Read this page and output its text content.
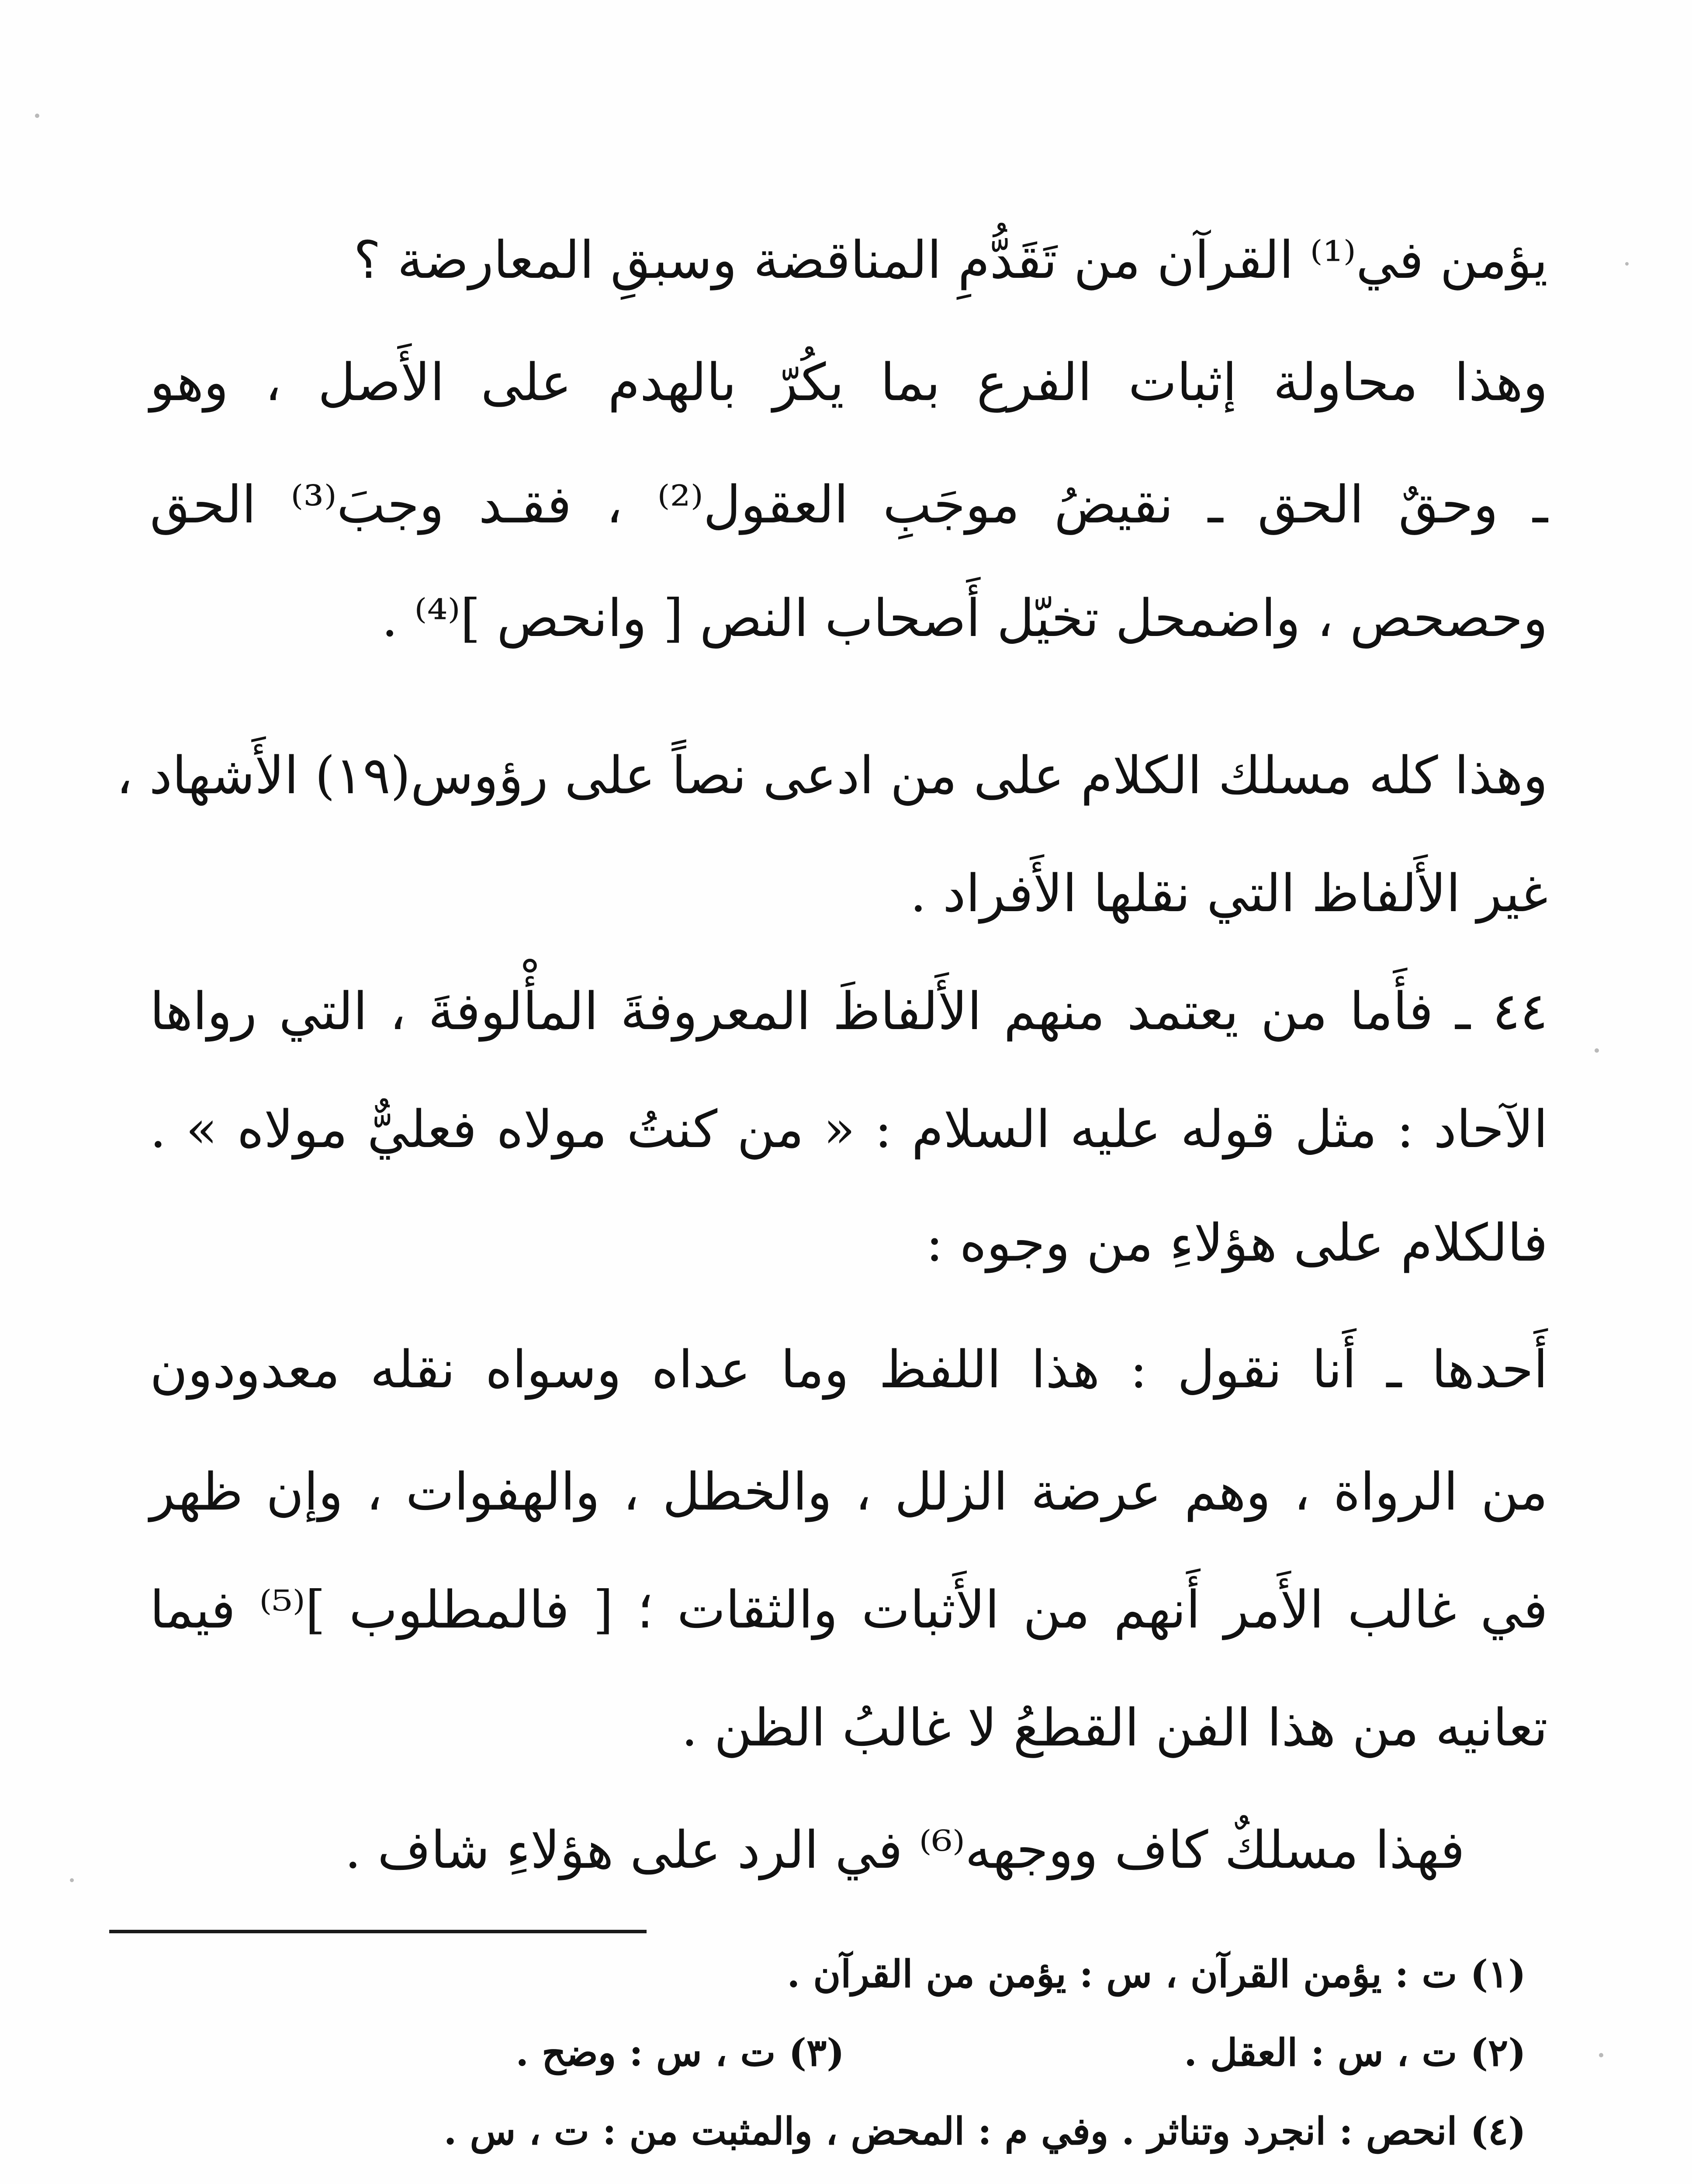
يؤمن في⁽¹⁾ القرآن من تَقَدُّمِ المناقضة وسبقِ المعارضة ؟
وهذا محاولة إثبات الفرع بما يكُرّ بالهدم على الأَصل ، وهو
ـ وحقٌ الحق ـ نقيضُ موجَبِ العقول⁽²⁾ ، فقـد وجبَ⁽³⁾ الحق
وحصحص ، واضمحل تخيّل أَصحاب النص [ وانحص ]⁽⁴⁾ .
وهذا كله مسلك الكلام على من ادعى نصاً على رؤوس(١٩) الأَشهاد ،
غير الأَلفاظ التي نقلها الأَفراد .
٤٤ ـ فأَما من يعتمد منهم الأَلفاظَ المعروفةَ المأْلوفةَ ، التي رواها
الآحاد : مثل قوله عليه السلام : « من كنتُ مولاه فعليٌّ مولاه » .
فالكلام على هؤلاءِ من وجوه :
أَحدها ـ أَنا نقول : هذا اللفظ وما عداه وسواه نقله معدودون
من الرواة ، وهم عرضة الزلل ، والخطل ، والهفوات ، وإن ظهر
في غالب الأَمر أَنهم من الأَثبات والثقات ؛ [ فالمطلوب ]⁽⁵⁾ فيما
تعانيه من هذا الفن القطعُ لا غالبُ الظن .
فهذا مسلكٌ كاف ووجهه⁽⁶⁾ في الرد على هؤلاءِ شاف .
(١) ت : يؤمن القرآن ، س : يؤمن من القرآن .
(٢) ت ، س : العقل .
(٣) ت ، س : وضح .
(٤) انحص : انجرد وتناثر . وفي م : المحض ، والمثبت من : ت ، س .
